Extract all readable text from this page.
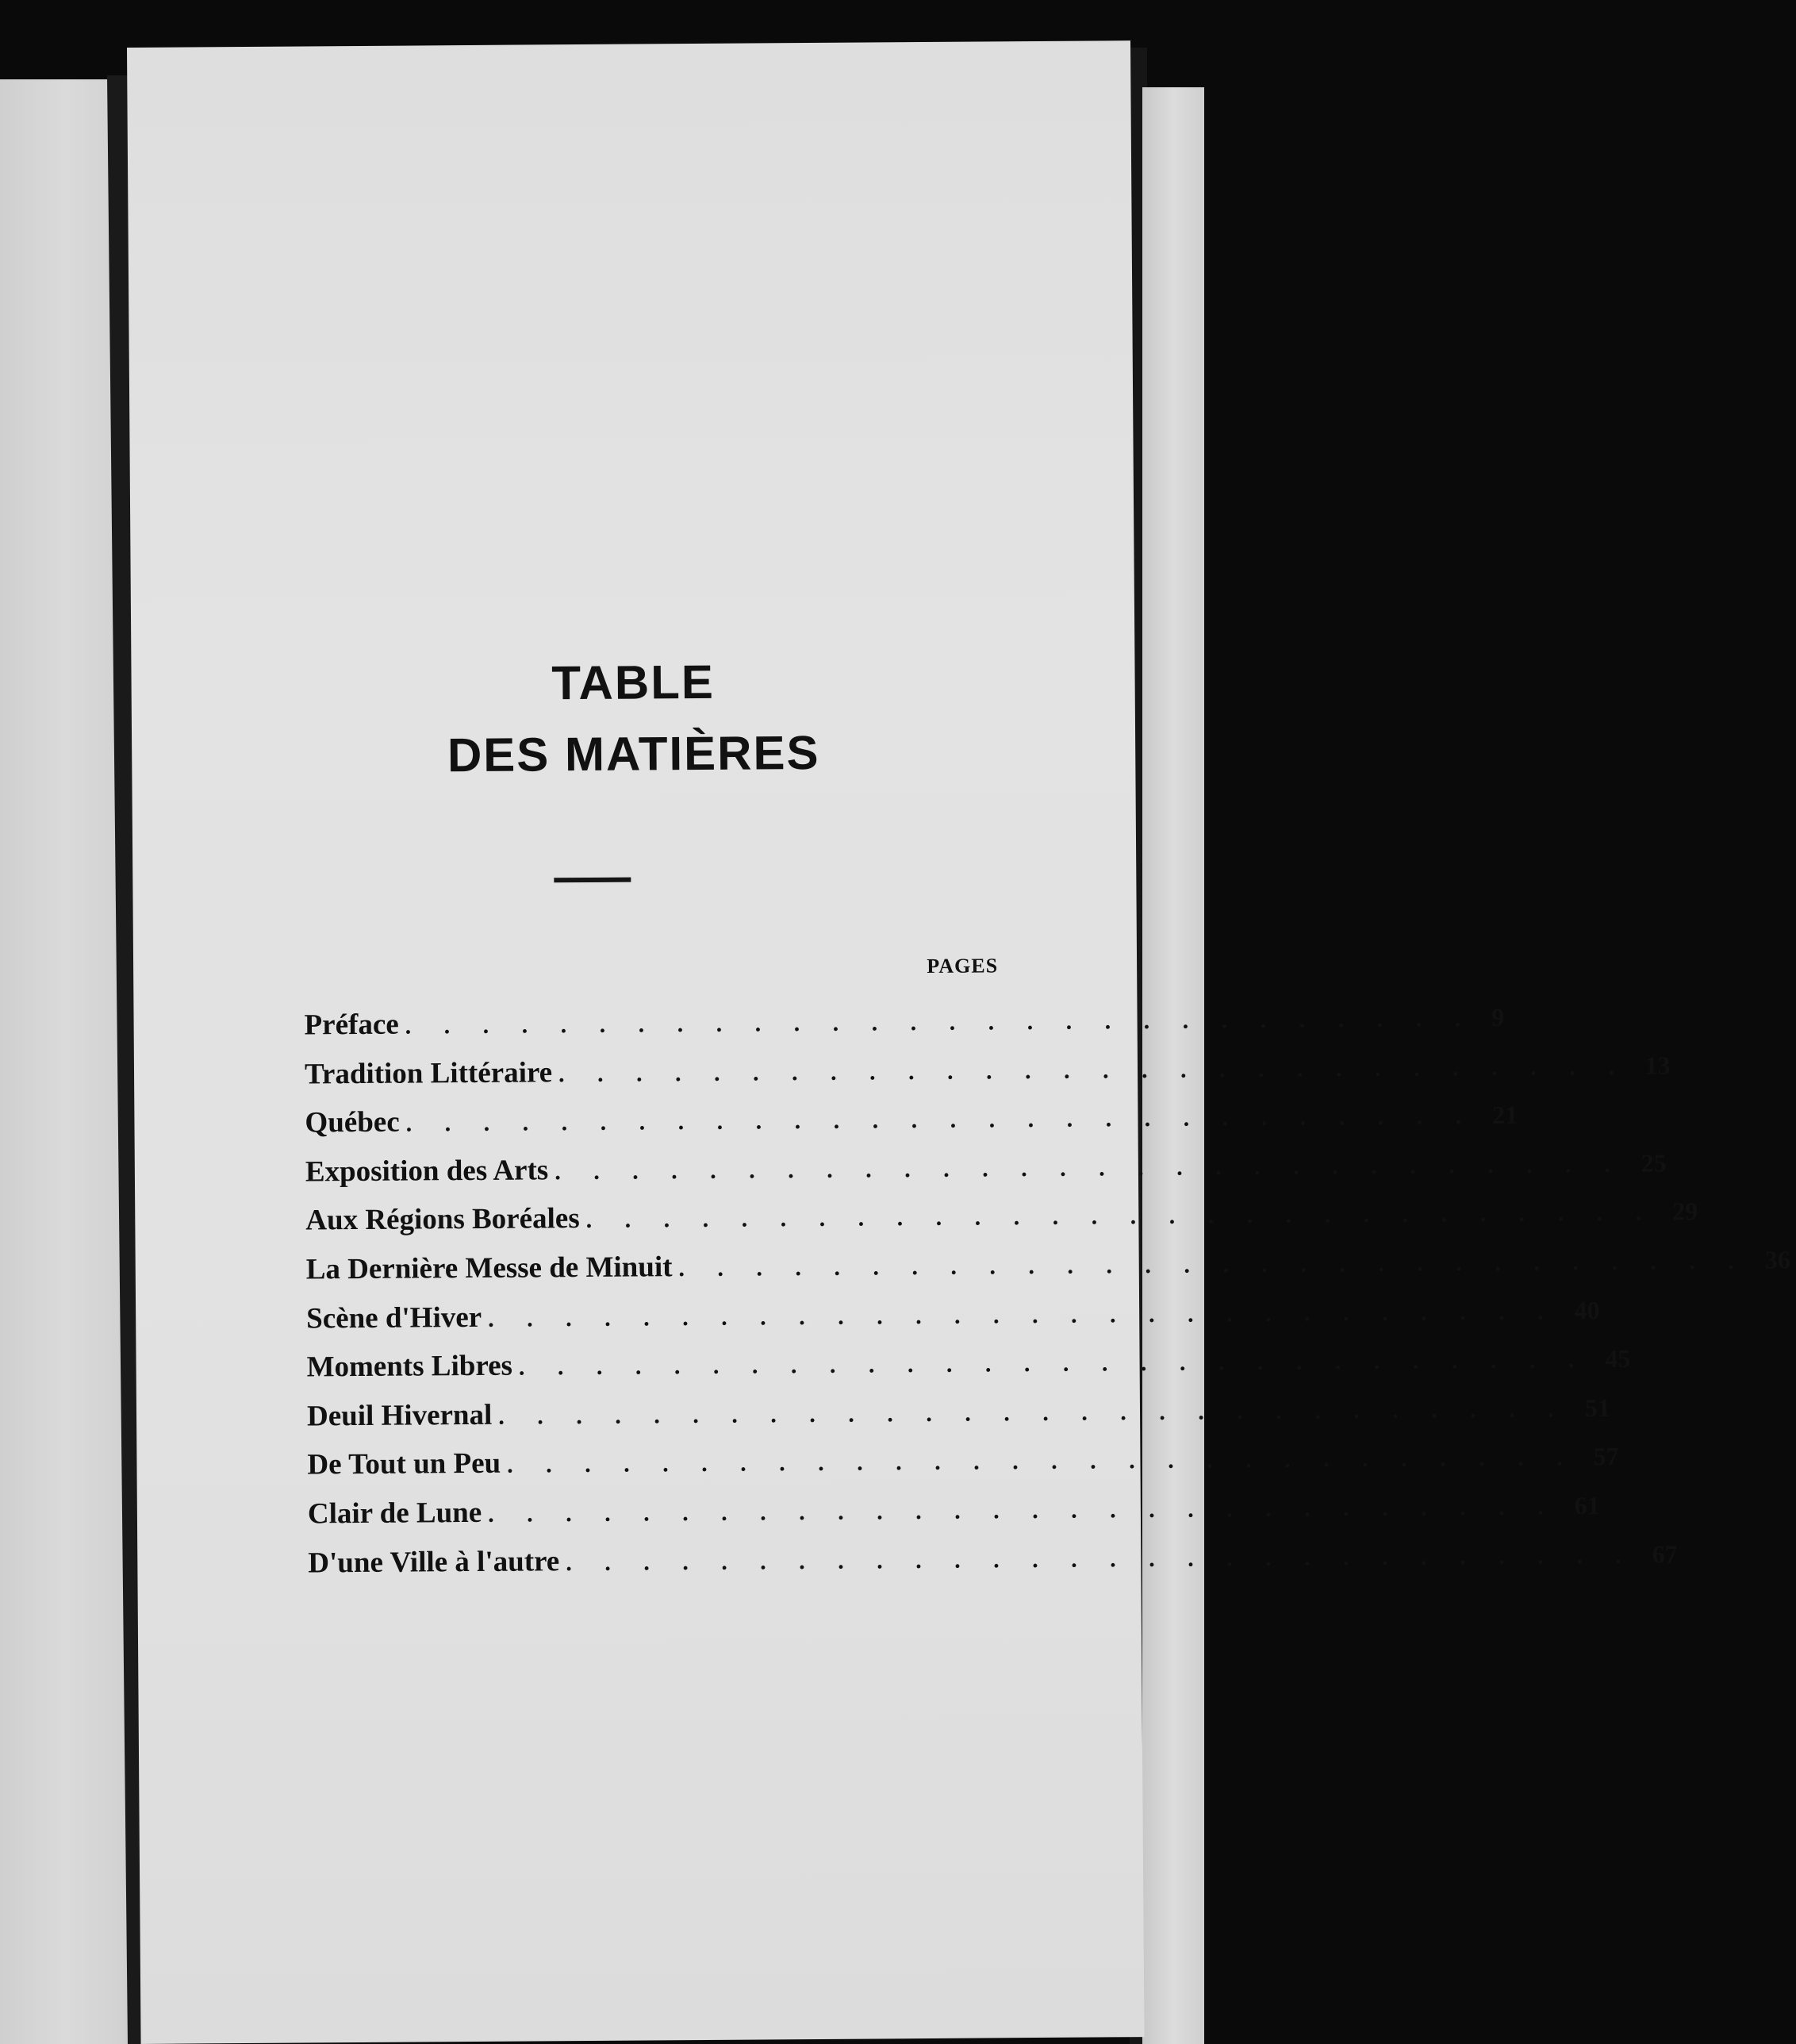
TABLE
DES MATIÈRES
PAGES
Préface . . . . . . . . . . . . . . . . . . . . . . . . . . . . 9
Tradition Littéraire . . . . . . . . . . . . . . . . . . . . . . . . . . . . 13
Québec . . . . . . . . . . . . . . . . . . . . . . . . . . . . 21
Exposition des Arts . . . . . . . . . . . . . . . . . . . . . . . . . . . . 25
Aux Régions Boréales . . . . . . . . . . . . . . . . . . . . . . . . . . . . 29
La Dernière Messe de Minuit . . . . . . . . . . . . . . . . . . . . . . . . . . . . 36
Scène d'Hiver . . . . . . . . . . . . . . . . . . . . . . . . . . . . 40
Moments Libres . . . . . . . . . . . . . . . . . . . . . . . . . . . . 45
Deuil Hivernal . . . . . . . . . . . . . . . . . . . . . . . . . . . . 51
De Tout un Peu . . . . . . . . . . . . . . . . . . . . . . . . . . . . 57
Clair de Lune . . . . . . . . . . . . . . . . . . . . . . . . . . . . 61
D'une Ville à l'autre . . . . . . . . . . . . . . . . . . . . . . . . . . . . 67
